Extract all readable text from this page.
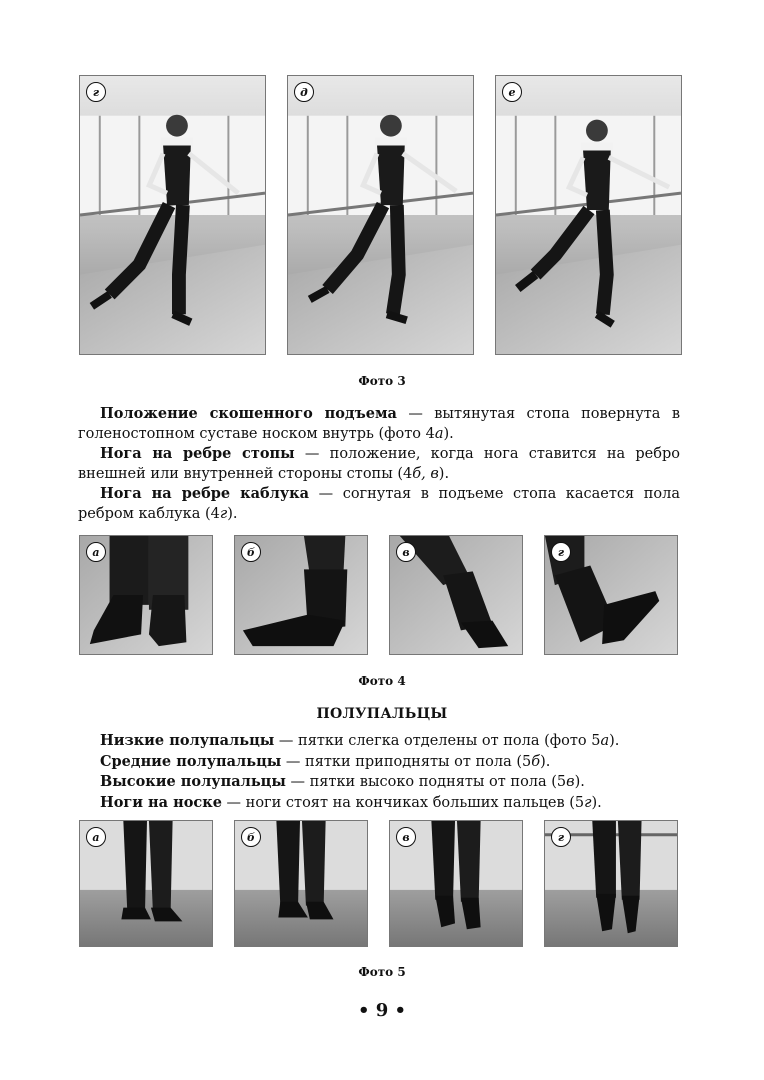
г	д	е
Фото 3

Положение скошенного подъема — вытянутая стопа повернута в голеностопном суставе носком внутрь (фото 4а).

Нога на ребре стопы — положение, когда нога ставится на ребро внешней или внутренней стороны стопы (4б, в).

Нога на ребре каблука — согнутая в подъеме стопа касается пола ребром каблука (4г).

а	б	в	г
Фото 4
ПОЛУПАЛЬЦЫ

Низкие полупальцы — пятки слегка отделены от пола (фото 5а).

Средние полупальцы — пятки приподняты от пола (5б).

Высокие полупальцы — пятки высоко подняты от пола (5в).

Ноги на носке — ноги стоят на кончиках больших пальцев (5г).

а	б	в	г
Фото 5
• 9 •
